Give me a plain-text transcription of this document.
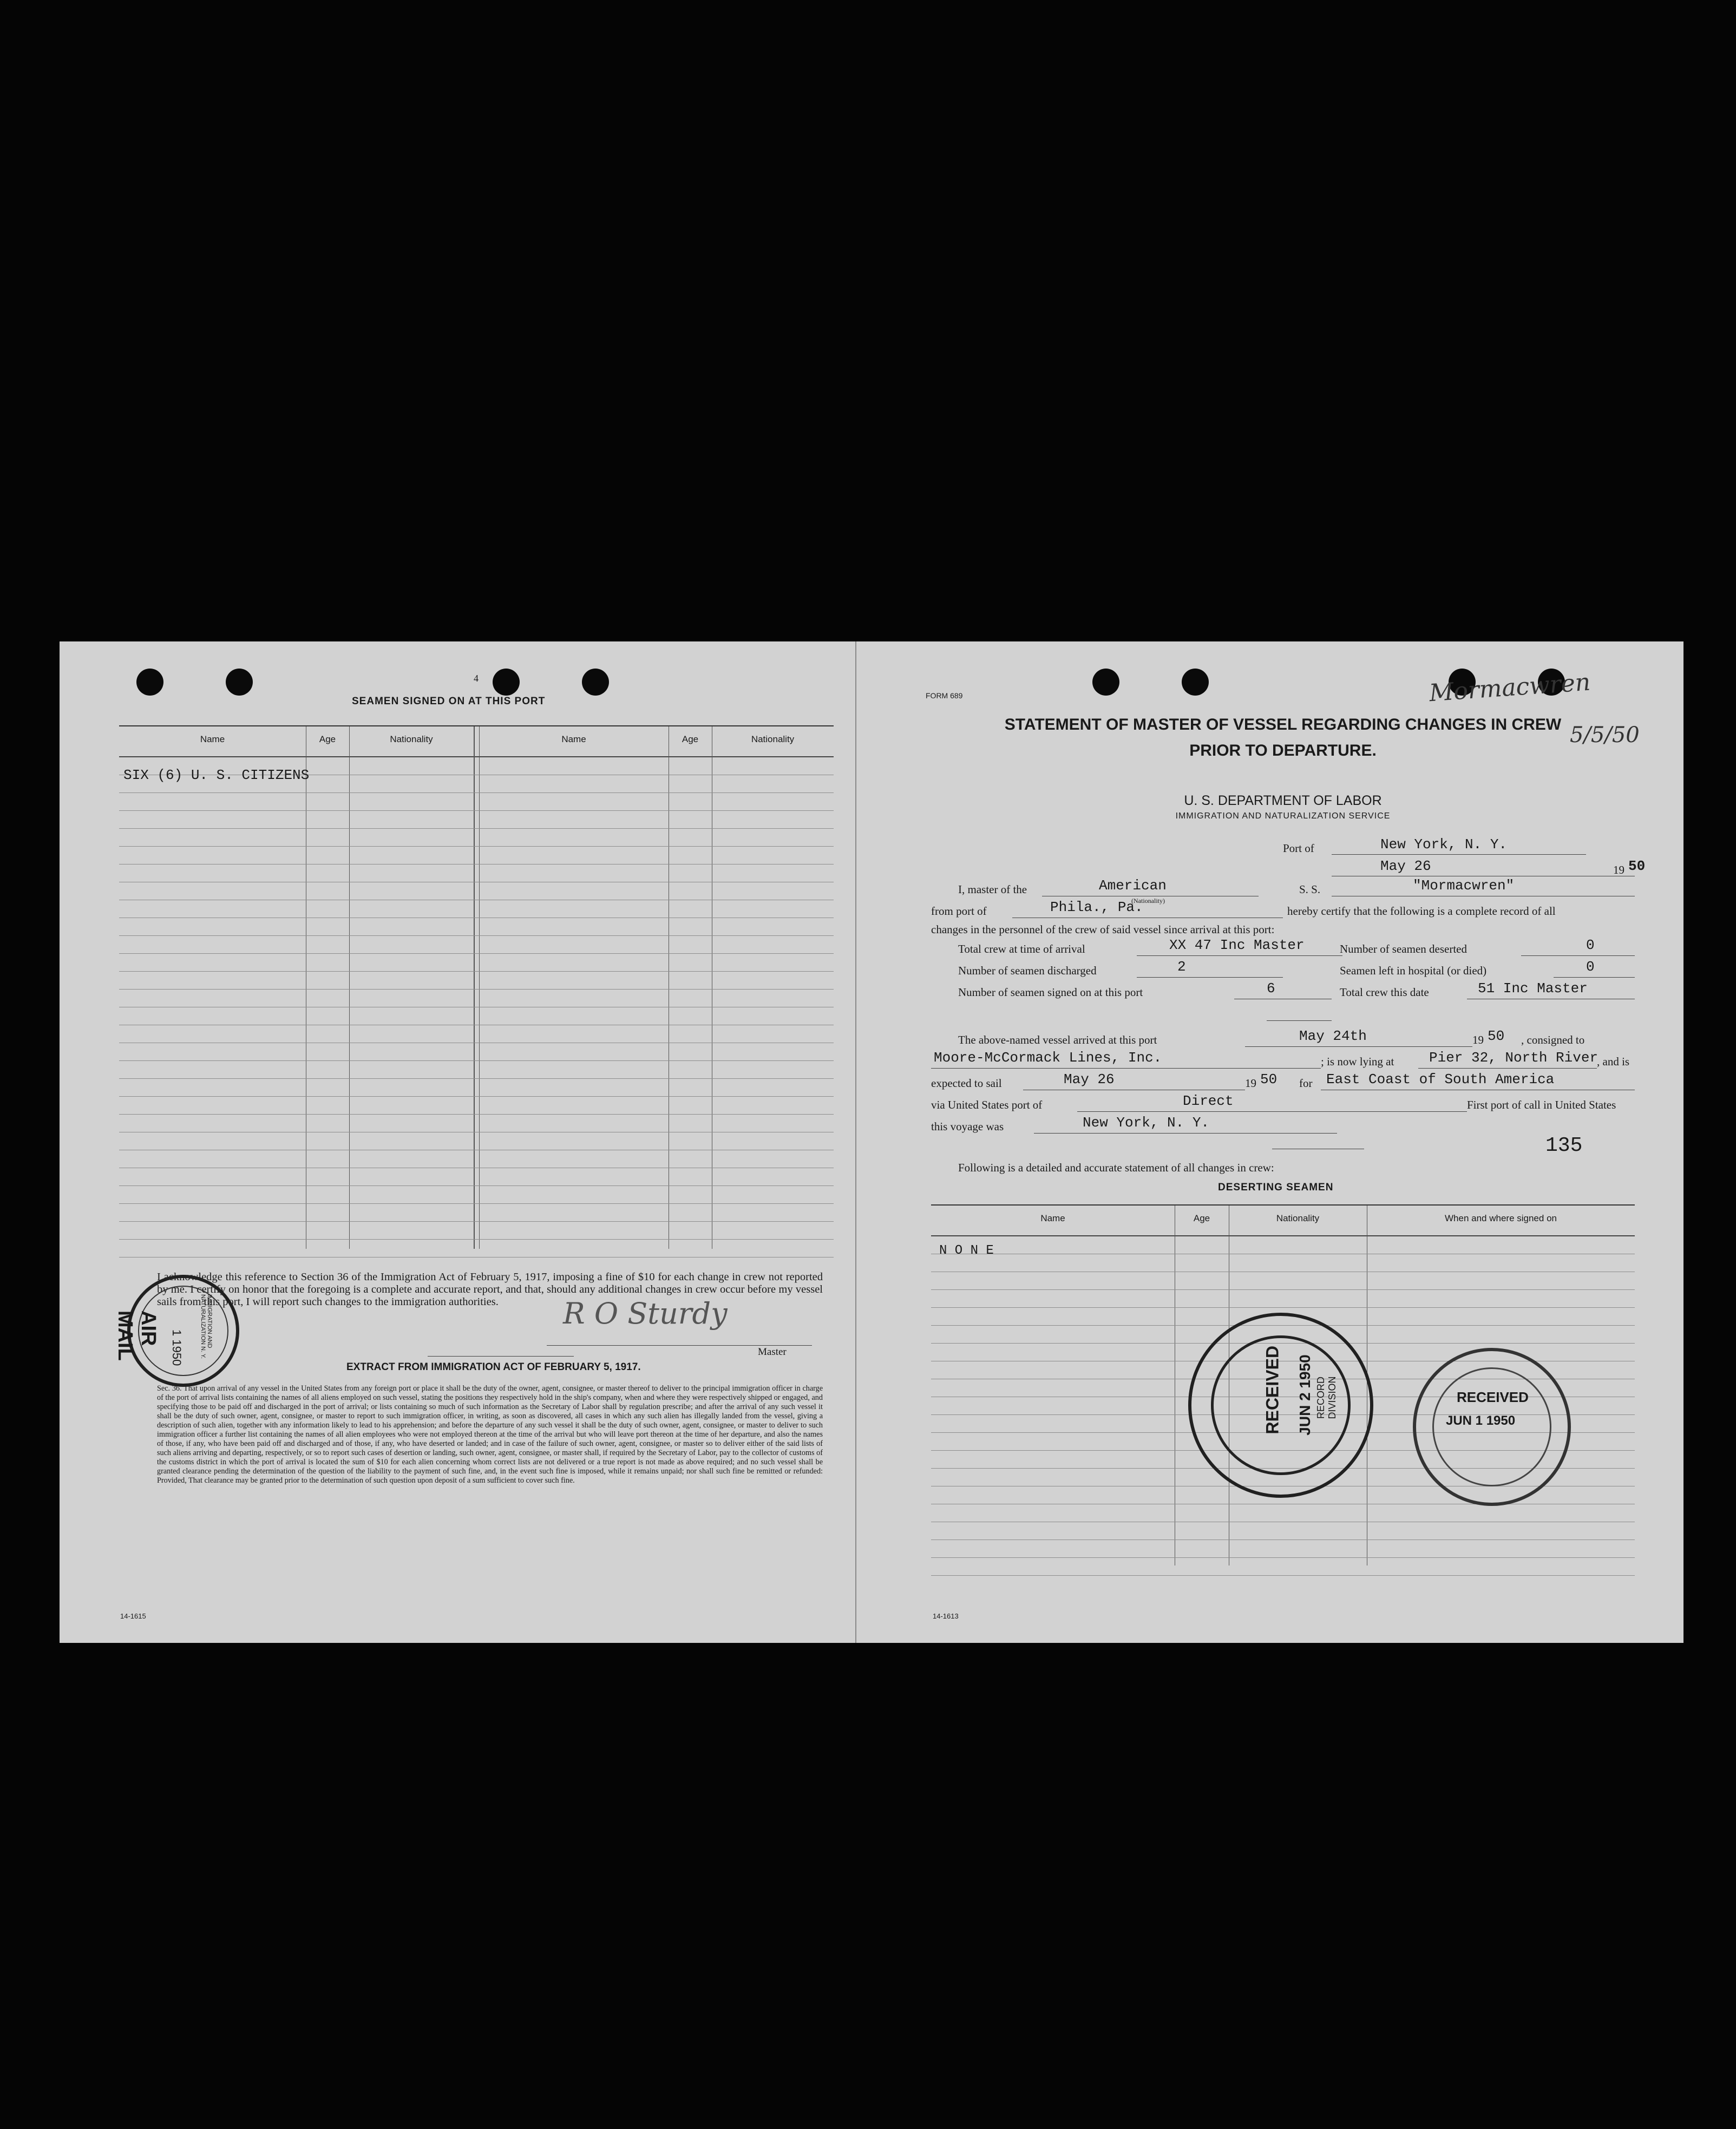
4
SEAMEN SIGNED ON AT THIS PORT
Name	Age	Nationality	Name	Age	Nationality
SIX (6) U. S. CITIZENS
I acknowledge this reference to Section 36 of the Immigration Act of February 5, 1917, imposing a fine of $10 for each change in crew not reported by me. I certify on honor that the foregoing is a complete and accurate report, and that, should any additional changes in crew occur before my vessel sails from this port, I will report such changes to the immigration authorities.	R O Sturdy
Master
EXTRACT FROM IMMIGRATION ACT OF FEBRUARY 5, 1917.
Sec. 36. That upon arrival of any vessel in the United States from any foreign port or place it shall be the duty of the owner, agent, consignee, or master thereof to deliver to the principal immigration officer in charge of the port of arrival lists containing the names of all aliens employed on such vessel, stating the positions they respectively hold in the ship's company, when and where they were respectively shipped or engaged, and specifying those to be paid off and discharged in the port of arrival; or lists containing so much of such information as the Secretary of Labor shall by regulation prescribe; and after the arrival of any such vessel it shall be the duty of such owner, agent, consignee, or master to report to such immigration officer, in writing, as soon as discovered, all cases in which any such alien has illegally landed from the vessel, giving a description of such alien, together with any information likely to lead to his apprehension; and before the departure of any such vessel it shall be the duty of such owner, agent, consignee, or master to deliver to such immigration officer a further list containing the names of all alien employees who were not employed thereon at the time of the arrival but who will leave port thereon at the time of her departure, and also the names of those, if any, who have been paid off and discharged and of those, if any, who have deserted or landed; and in case of the failure of such owner, agent, consignee, or master so to deliver either of the said lists of such aliens arriving and departing, respectively, or so to report such cases of desertion or landing, such owner, agent, consignee, or master shall, if required by the Secretary of Labor, pay to the collector of customs of the customs district in which the port of arrival is located the sum of $10 for each alien concerning whom correct lists are not delivered or a true report is not made as above required; and no such vessel shall be granted clearance pending the determination of the question of the liability to the payment of such fine, and, in the event such fine is imposed, while it remains unpaid; nor shall such fine be remitted or refunded: Provided, That clearance may be granted prior to the determination of such question upon deposit of a sum sufficient to cover such fine.
14-1615
AIR MAIL	1 1950	IMMIGRATION AND NATURALIZATION N. Y.
FORM 689	Mormacwren
5/5/50
STATEMENT OF MASTER OF VESSEL REGARDING CHANGES IN CREW
PRIOR TO DEPARTURE.
U. S. DEPARTMENT OF LABOR
IMMIGRATION AND NATURALIZATION SERVICE
Port of	New York, N. Y.
May 26	19 50
I, master of the	American
(Nationality)
S. S.	"Mormacwren"
from port of	Phila., Pa.	hereby certify that the following is a complete record of all
changes in the personnel of the crew of said vessel since arrival at this port:
Total crew at time of arrival	XX 47 Inc Master	Number of seamen deserted	0
Number of seamen discharged	2	Seamen left in hospital (or died)	0
Number of seamen signed on at this port	6	Total crew this date	51 Inc Master
The above-named vessel arrived at this port	May 24th	19 50 , consigned to
Moore-McCormack Lines, Inc.	; is now lying at Pier 32, North River
, and is
expected to sail	May 26	19 50 for East Coast of South America
via United States port of	Direct	First port of call in United States
this voyage was	New York, N. Y.
135
Following is a detailed and accurate statement of all changes in crew:
DESERTING SEAMEN
Name	Age	Nationality	When and where signed on
N O N E
14-1613
RECEIVED JUN 2 1950 RECORD DIVISION	RECEIVED
JUN 1 1950
